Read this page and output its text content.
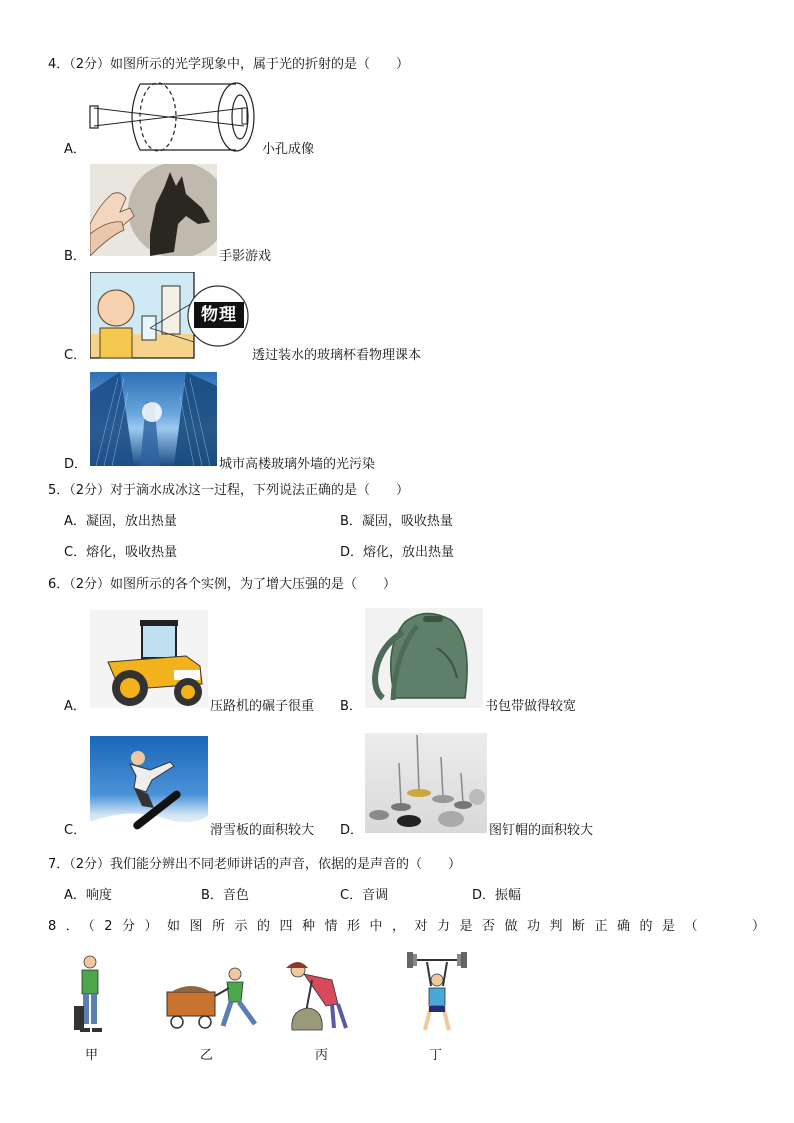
4．（2分）如图所示的光学现象中，属于光的折射的是（　　）
A．	小孔成像
B．	手影游戏
C．
物理
透过装水的玻璃杯看物理课本
D．	城市高楼玻璃外墙的光污染
5．（2分）对于滴水成冰这一过程，下列说法正确的是（　　）
A．凝固，放出热量	B．凝固，吸收热量
C．熔化，吸收热量	D．熔化，放出热量
6．（2分）如图所示的各个实例，为了增大压强的是（　　）
A．	压路机的碾子很重 B．	书包带做得较宽
C．	滑雪板的面积较大 D．	图钉帽的面积较大
7．（2分）我们能分辨出不同老师讲话的声音，依据的是声音的（　　）
A．响度	B．音色	C．音调	D．振幅
8．（2分）如图所示的四种情形中，对力是否做功判断正确的是（　　）
甲	乙	丙	丁
